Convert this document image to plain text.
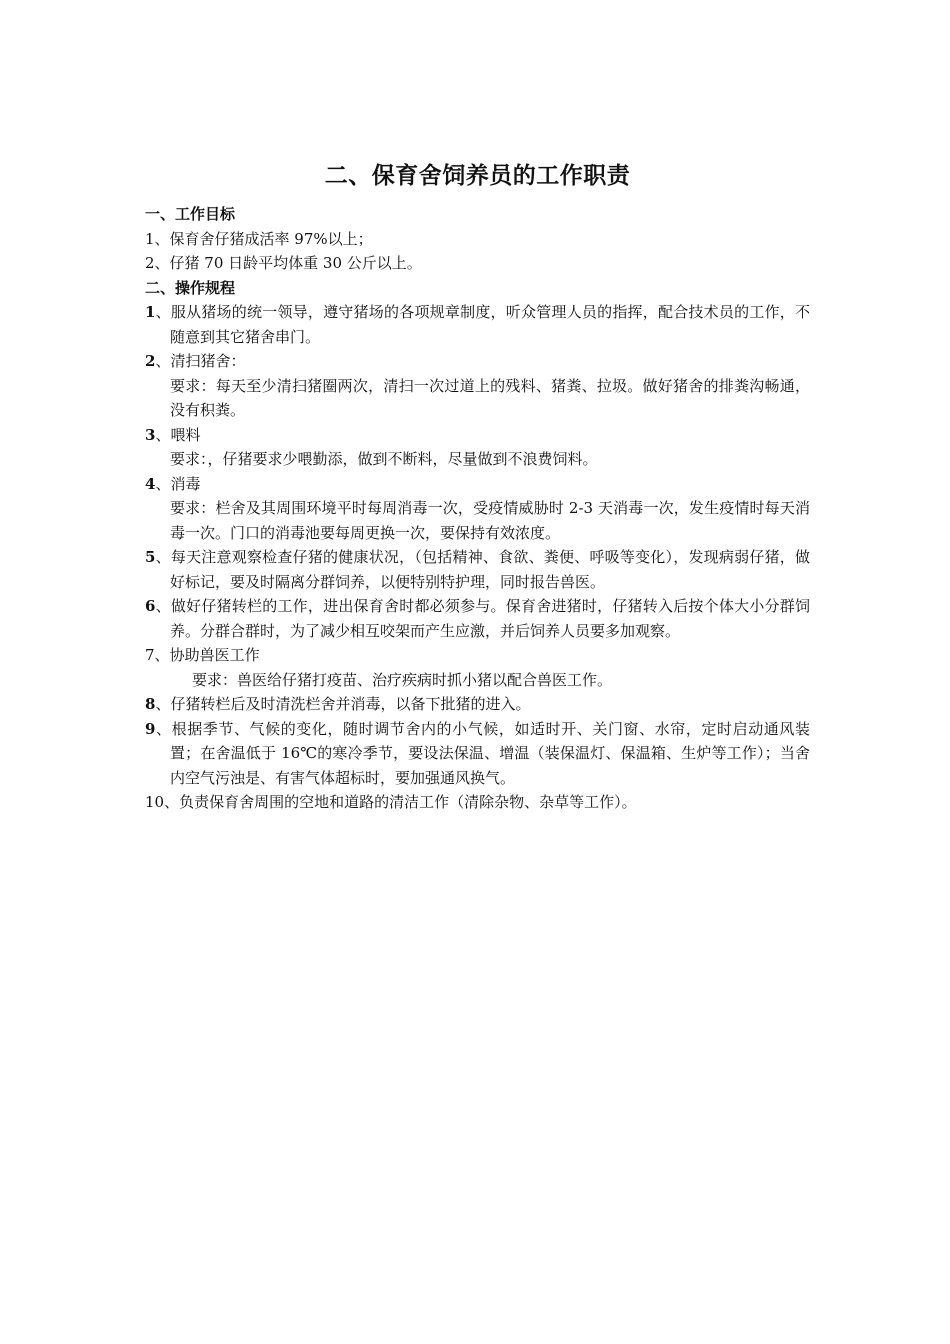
二、保育舍饲养员的工作职责

一、工作目标

1、保育舍仔猪成活率 97%以上；

2、仔猪 70 日龄平均体重 30 公斤以上。

二、操作规程

1、服从猪场的统一领导，遵守猪场的各项规章制度，听众管理人员的指挥，配合技术员的工作，不随意到其它猪舍串门。

2、清扫猪舍：

要求：每天至少清扫猪圈两次，清扫一次过道上的残料、猪粪、拉圾。做好猪舍的排粪沟畅通，没有积粪。

3、喂料

要求：，仔猪要求少喂勤添，做到不断料，尽量做到不浪费饲料。

4、消毒

要求：栏舍及其周围环境平时每周消毒一次，受疫情威胁时 2-3 天消毒一次，发生疫情时每天消毒一次。门口的消毒池要每周更换一次，要保持有效浓度。

5、每天注意观察检查仔猪的健康状况，（包括精神、食欲、粪便、呼吸等变化），发现病弱仔猪，做好标记，要及时隔离分群饲养，以便特别特护理，同时报告兽医。

6、做好仔猪转栏的工作，进出保育舍时都必须参与。保育舍进猪时，仔猪转入后按个体大小分群饲养。分群合群时，为了减少相互咬架而产生应激，并后饲养人员要多加观察。

7、协助兽医工作

要求：兽医给仔猪打疫苗、治疗疾病时抓小猪以配合兽医工作。

8、仔猪转栏后及时清洗栏舍并消毒，以备下批猪的进入。

9、根据季节、气候的变化，随时调节舍内的小气候，如适时开、关门窗、水帘，定时启动通风装置；在舍温低于 16℃的寒冷季节，要设法保温、增温（装保温灯、保温箱、生炉等工作）；当舍内空气污浊是、有害气体超标时，要加强通风换气。

10、负责保育舍周围的空地和道路的清洁工作（清除杂物、杂草等工作）。
